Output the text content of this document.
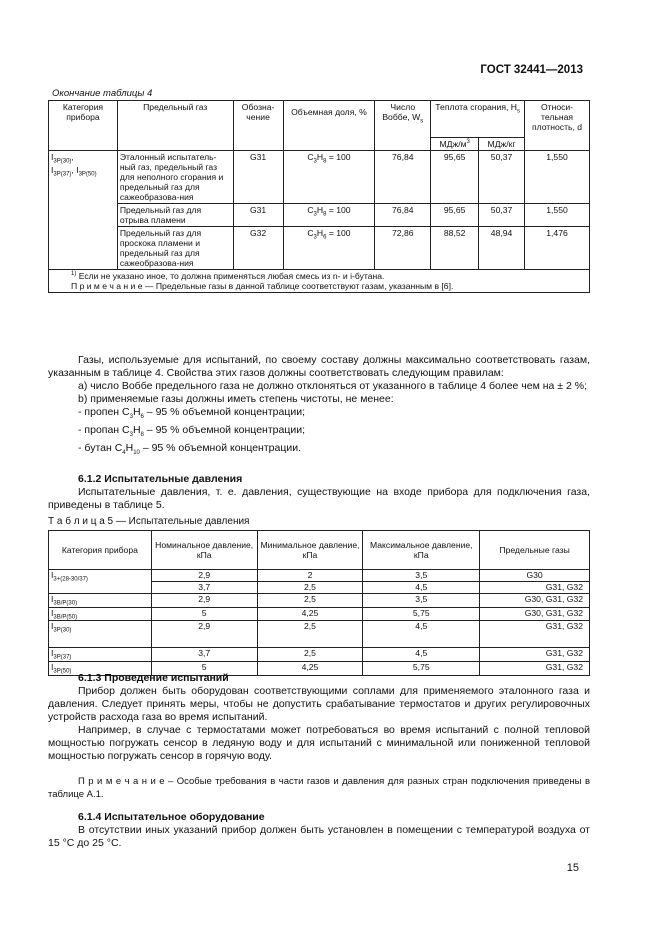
ГОСТ 32441—2013
Окончание таблицы 4
Категория прибора	Предельный газ	Обозна-чение	Объемная доля, %	Число Воббе, $W_s$	Теплота сгорания, $H_s$		Относи-тельная плотность, d
					МДж/$м^3$	МДж/кг	
$I_{3P(30)}$,
$I_{3P(37)}$, $I_{3P(50)}$	Эталонный испытатель-ный газ, предельный газ для неполного сгорания и предельный газ для сажеобразова-ния	G31	$C_3H_8 = 100$	76,84	95,65	50,37	1,550
	Предельный газ для отрыва пламени	G31	$C_3H_8 = 100$	76,84	95,65	50,37	1,550
	Предельный газ для проскока пламени и предельный газ для сажеобразова-ния	G32	$C_3H_6 = 100$	72,86	88,52	48,94	1,476

$^{1)}$ Если не указано иное, то должна применяться любая смесь из n- и i-бутана.
П р и м е ч а н и е — Предельные газы в данной таблице соответствуют газам, указанным в [6].							
Газы, используемые для испытаний, по своему составу должны максимально соответствовать газам, указанным в таблице 4. Свойства этих газов должны соответствовать следующим правилам:
а) число Воббе предельного газа не должно отклоняться от указанного в таблице 4 более чем на ± 2 %;
b) применяемые газы должны иметь степень чистоты, не менее:
- пропен $C_3H_6 - 95$ % объемной концентрации;
- пропан $C_3H_8 - 95$ % объемной концентрации;
- бутан $C_4H_{10} - 95$ % объемной концентрации.
6.1.2 Испытательные давления
Испытательные давления, т. е. давления, существующие на входе прибора для подключения газа, приведены в таблице 5.
Т а б л и ц а 5 — Испытательные давления
Категория прибора	Номинальное давление, кПа	Минимальное давление, кПа	Максимальное давление, кПа	Предельные газы
$I_{3+(28-30/37)}$	2,9	2	3,5	G30
	3,7	2,5	4,5	G31, G32
$I_{3B/P(30)}$	2,9	2,5	3,5	G30, G31, G32
$I_{3B/P(50)}$	5	4,25	5,75	G30, G31, G32
$I_{3P(30)}$	2,9	2,5	4,5	G31, G32
$I_{3P(37)}$	3,7	2,5	4,5	G31, G32
$I_{3P(50)}$	5	4,25	5,75	G31, G32
6.1.3 Проведение испытаний
Прибор должен быть оборудован соответствующими соплами для применяемого эталонного газа и давления. Следует принять меры, чтобы не допустить срабатывание термостатов и других регулировочных устройств расхода газа во время испытаний.
Например, в случае с термостатами может потребоваться во время испытаний с полной тепловой мощностью погружать сенсор в ледяную воду и для испытаний с минимальной или пониженной тепловой мощностью погружать сенсор в горячую воду.
П р и м е ч а н и е – Особые требования в части газов и давления для разных стран подключения приведены в таблице А.1.
6.1.4 Испытательное оборудование
В отсутствии иных указаний прибор должен быть установлен в помещении с температурой воздуха от 15 °С до 25 °С.
15
